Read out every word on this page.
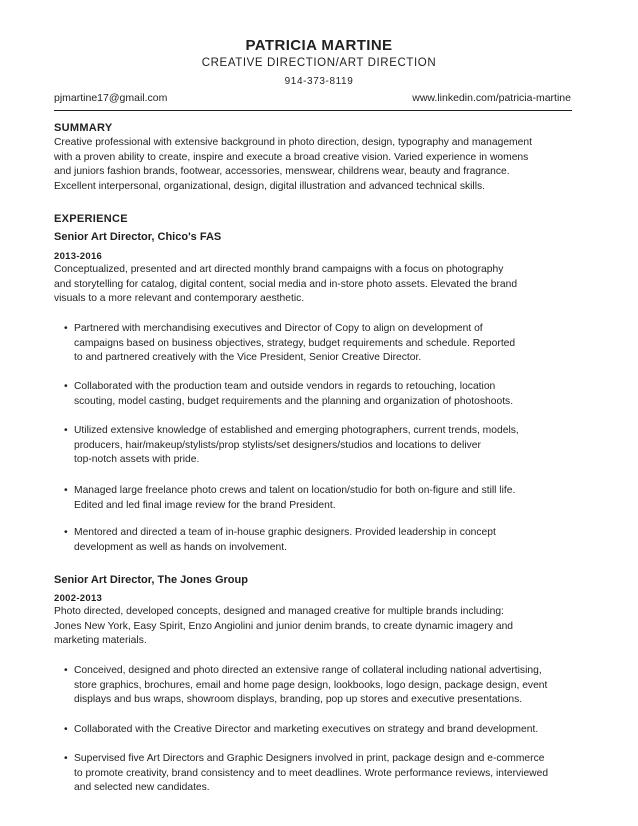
PATRICIA MARTINE
CREATIVE DIRECTION/ART DIRECTION
914-373-8119
pjmartine17@gmail.com	www.linkedin.com/patricia-martine
SUMMARY
Creative professional with extensive background in photo direction, design, typography and management
with a proven ability to create, inspire and execute a broad creative vision. Varied experience in womens
and juniors fashion brands, footwear, accessories, menswear, childrens wear, beauty and fragrance.
Excellent interpersonal, organizational, design, digital illustration and advanced technical skills.
EXPERIENCE
Senior Art Director, Chico's FAS
2013-2016
Conceptualized, presented and art directed monthly brand campaigns with a focus on photography
and storytelling for catalog, digital content, social media and in-store photo assets. Elevated the brand
visuals to a more relevant and contemporary aesthetic.
• Partnered with merchandising executives and Director of Copy to align on development of
campaigns based on business objectives, strategy, budget requirements and schedule. Reported
to and partnered creatively with the Vice President, Senior Creative Director.
• Collaborated with the production team and outside vendors in regards to retouching, location
scouting, model casting, budget requirements and the planning and organization of photoshoots.
• Utilized extensive knowledge of established and emerging photographers, current trends, models,
producers, hair/makeup/stylists/prop stylists/set designers/studios and locations to deliver
top-notch assets with pride.
• Managed large freelance photo crews and talent on location/studio for both on-figure and still life.
Edited and led final image review for the brand President.
• Mentored and directed a team of in-house graphic designers. Provided leadership in concept
development as well as hands on involvement.
Senior Art Director, The Jones Group
2002-2013
Photo directed, developed concepts, designed and managed creative for multiple brands including:
Jones New York, Easy Spirit, Enzo Angiolini and junior denim brands, to create dynamic imagery and
marketing materials.
• Conceived, designed and photo directed an extensive range of collateral including national advertising,
store graphics, brochures, email and home page design, lookbooks, logo design, package design, event
displays and bus wraps, showroom displays, branding, pop up stores and executive presentations.
• Collaborated with the Creative Director and marketing executives on strategy and brand development.
• Supervised five Art Directors and Graphic Designers involved in print, package design and e-commerce
to promote creativity, brand consistency and to meet deadlines. Wrote performance reviews, interviewed
and selected new candidates.
